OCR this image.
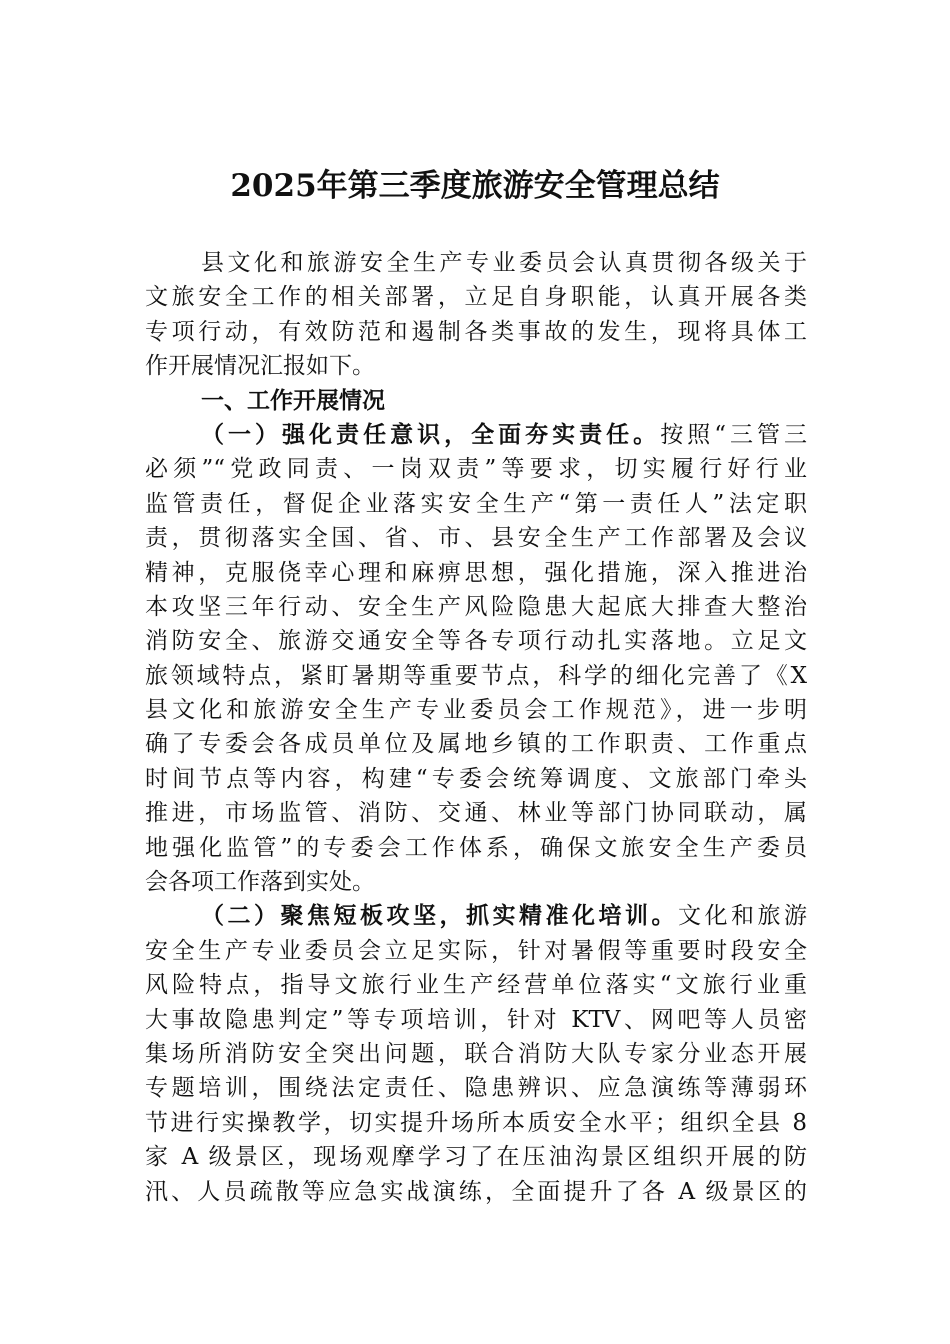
2025年第三季度旅游安全管理总结
县文化和旅游安全生产专业委员会认真贯彻各级关于
文旅安全工作的相关部署，立足自身职能，认真开展各类
专项行动，有效防范和遏制各类事故的发生，现将具体工
作开展情况汇报如下。
一、工作开展情况
（一）强化责任意识，全面夯实责任。按照“三管三
必须”“党政同责、一岗双责”等要求，切实履行好行业
监管责任，督促企业落实安全生产“第一责任人”法定职
责，贯彻落实全国、省、市、县安全生产工作部署及会议
精神，克服侥幸心理和麻痹思想，强化措施，深入推进治
本攻坚三年行动、安全生产风险隐患大起底大排查大整治
消防安全、旅游交通安全等各专项行动扎实落地。立足文
旅领域特点，紧盯暑期等重要节点，科学的细化完善了《X
县文化和旅游安全生产专业委员会工作规范》，进一步明
确了专委会各成员单位及属地乡镇的工作职责、工作重点
时间节点等内容，构建“专委会统筹调度、文旅部门牵头
推进，市场监管、消防、交通、林业等部门协同联动，属
地强化监管”的专委会工作体系，确保文旅安全生产委员
会各项工作落到实处。
（二）聚焦短板攻坚，抓实精准化培训。文化和旅游
安全生产专业委员会立足实际，针对暑假等重要时段安全
风险特点，指导文旅行业生产经营单位落实“文旅行业重
大事故隐患判定”等专项培训，针对 KTV、网吧等人员密
集场所消防安全突出问题，联合消防大队专家分业态开展
专题培训，围绕法定责任、隐患辨识、应急演练等薄弱环
节进行实操教学，切实提升场所本质安全水平；组织全县 8
家 A 级景区，现场观摩学习了在压油沟景区组织开展的防
汛、人员疏散等应急实战演练，全面提升了各 A 级景区的
